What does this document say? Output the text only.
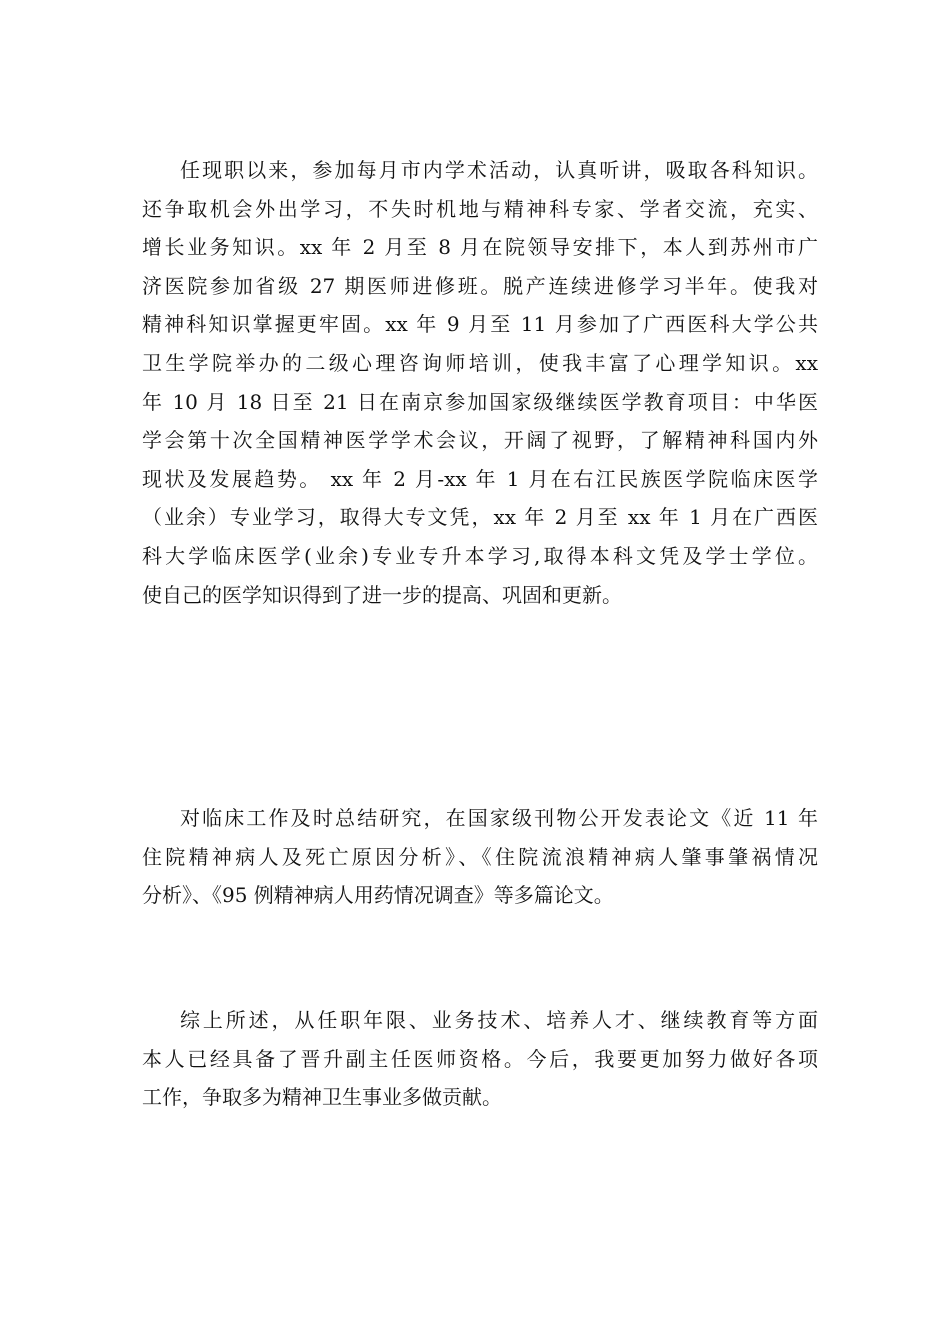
任现职以来，参加每月市内学术活动，认真听讲，吸取各科知识。
还争取机会外出学习，不失时机地与精神科专家、学者交流，充实、
增长业务知识。xx 年 2 月至 8 月在院领导安排下，本人到苏州市广
济医院参加省级 27 期医师进修班。脱产连续进修学习半年。使我对
精神科知识掌握更牢固。xx 年 9 月至 11 月参加了广西医科大学公共
卫生学院举办的二级心理咨询师培训，使我丰富了心理学知识。xx
年 10 月 18 日至 21 日在南京参加国家级继续医学教育项目：中华医
学会第十次全国精神医学学术会议，开阔了视野，了解精神科国内外
现状及发展趋势。 xx 年 2 月-xx 年 1 月在右江民族医学院临床医学
（业余）专业学习，取得大专文凭，xx 年 2 月至 xx 年 1 月在广西医
科大学临床医学(业余)专业专升本学习,取得本科文凭及学士学位。
使自己的医学知识得到了进一步的提高、巩固和更新。

对临床工作及时总结研究，在国家级刊物公开发表论文《近 11 年
住院精神病人及死亡原因分析》、《住院流浪精神病人肇事肇祸情况
分析》、《95 例精神病人用药情况调查》等多篇论文。

综上所述，从任职年限、业务技术、培养人才、继续教育等方面
本人已经具备了晋升副主任医师资格。今后，我要更加努力做好各项
工作，争取多为精神卫生事业多做贡献。
